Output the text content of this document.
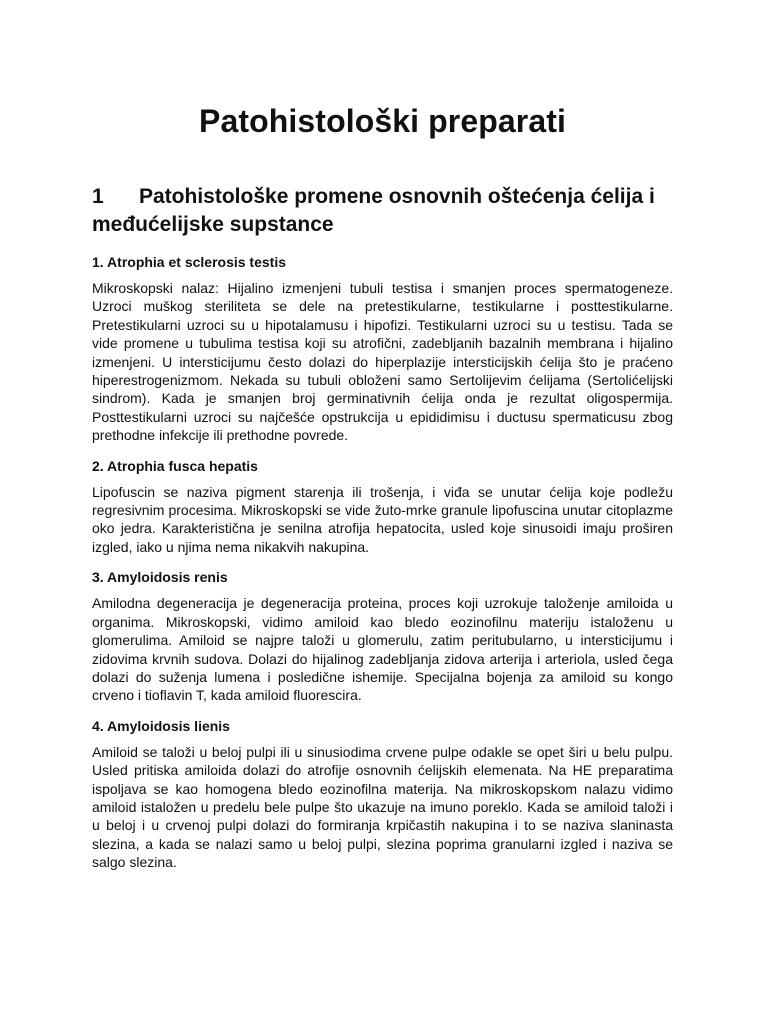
Patohistološki preparati
1 Patohistološke promene osnovnih oštećenja ćelija i međućelijske supstance
1. Atrophia et sclerosis testis

Mikroskopski nalaz: Hijalino izmenjeni tubuli testisa i smanjen proces spermatogeneze. Uzroci muškog steriliteta se dele na pretestikularne, testikularne i posttestikularne. Pretestikularni uzroci su u hipotalamusu i hipofizi. Testikularni uzroci su u testisu. Tada se vide promene u tubulima testisa koji su atrofični, zadebljanih bazalnih membrana i hijalino izmenjeni. U intersticijumu često dolazi do hiperplazije intersticijskih ćelija što je praćeno hiperestrogenizmom. Nekada su tubuli obloženi samo Sertolijevim ćelijama (Sertolićelijski sindrom). Kada je smanjen broj germinativnih ćelija onda je rezultat oligospermija. Posttestikularni uzroci su najčešće opstrukcija u epididimisu i ductusu spermaticusu zbog prethodne infekcije ili prethodne povrede.

2. Atrophia fusca hepatis

Lipofuscin se naziva pigment starenja ili trošenja, i viđa se unutar ćelija koje podležu regresivnim procesima. Mikroskopski se vide žuto-mrke granule lipofuscina unutar citoplazme oko jedra. Karakteristična je senilna atrofija hepatocita, usled koje sinusoidi imaju proširen izgled, iako u njima nema nikakvih nakupina.

3. Amyloidosis renis

Amilodna degeneracija je degeneracija proteina, proces koji uzrokuje taloženje amiloida u organima. Mikroskopski, vidimo amiloid kao bledo eozinofilnu materiju istaloženu u glomerulima. Amiloid se najpre taloži u glomerulu, zatim peritubularno, u intersticijumu i zidovima krvnih sudova. Dolazi do hijalinog zadebljanja zidova arterija i arteriola, usled čega dolazi do suženja lumena i posledične ishemije. Specijalna bojenja za amiloid su kongo crveno i tioflavin T, kada amiloid fluorescira.

4. Amyloidosis lienis

Amiloid se taloži u beloj pulpi ili u sinusiodima crvene pulpe odakle se opet širi u belu pulpu. Usled pritiska amiloida dolazi do atrofije osnovnih ćelijskih elemenata. Na HE preparatima ispoljava se kao homogena bledo eozinofilna materija. Na mikroskopskom nalazu vidimo amiloid istaložen u predelu bele pulpe što ukazuje na imuno poreklo. Kada se amiloid taloži i u beloj i u crvenoj pulpi dolazi do formiranja krpičastih nakupina i to se naziva slaninasta slezina, a kada se nalazi samo u beloj pulpi, slezina poprima granularni izgled i naziva se salgo slezina.
